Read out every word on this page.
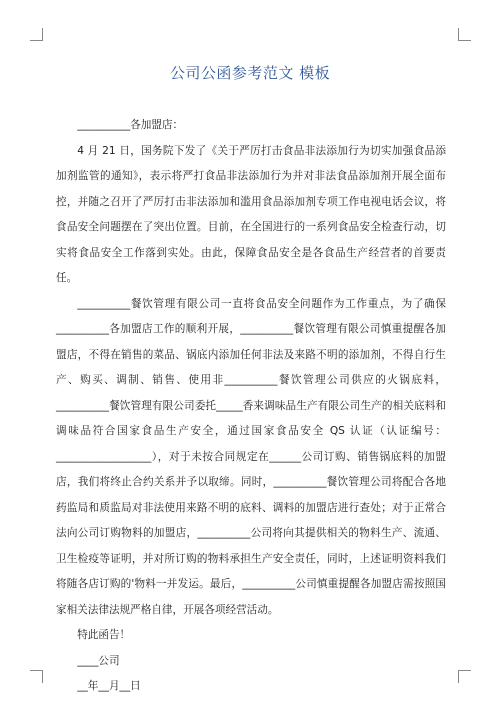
公司公函参考范文 模板

__________各加盟店：

4 月 21 日，国务院下发了《关于严厉打击食品非法添加行为切实加强食品添加剂监管的通知》，表示将严打食品非法添加行为并对非法食品添加剂开展全面布控，并随之召开了严厉打击非法添加和滥用食品添加剂专项工作电视电话会议，将食品安全问题摆在了突出位置。目前，在全国进行的一系列食品安全检查行动，切实将食品安全工作落到实处。由此，保障食品安全是各食品生产经营者的首要责任。

__________餐饮管理有限公司一直将食品安全问题作为工作重点，为了确保__________各加盟店工作的顺利开展，__________餐饮管理有限公司慎重提醒各加盟店，不得在销售的菜品、锅底内添加任何非法及来路不明的添加剂，不得自行生产、购买、调制、销售、使用非__________餐饮管理公司供应的火锅底料，__________餐饮管理有限公司委托_____香来调味品生产有限公司生产的相关底料和调味品符合国家食品生产安全，通过国家食品安全 QS 认证（认证编号：__________________），对于未按合同规定在______公司订购、销售锅底料的加盟店，我们将终止合约关系并予以取缔。同时，__________餐饮管理公司将配合各地药监局和质监局对非法使用来路不明的底料、调料的加盟店进行查处；对于正常合法向公司订购物料的加盟店，__________公司将向其提供相关的物料生产、流通、卫生检疫等证明，并对所订购的物料承担生产安全责任，同时，上述证明资料我们将随各店订购的'物料一并发运。最后，__________公司慎重提醒各加盟店需按照国家相关法律法规严格自律，开展各项经营活动。

特此函告！

____公司

__年__月__日
